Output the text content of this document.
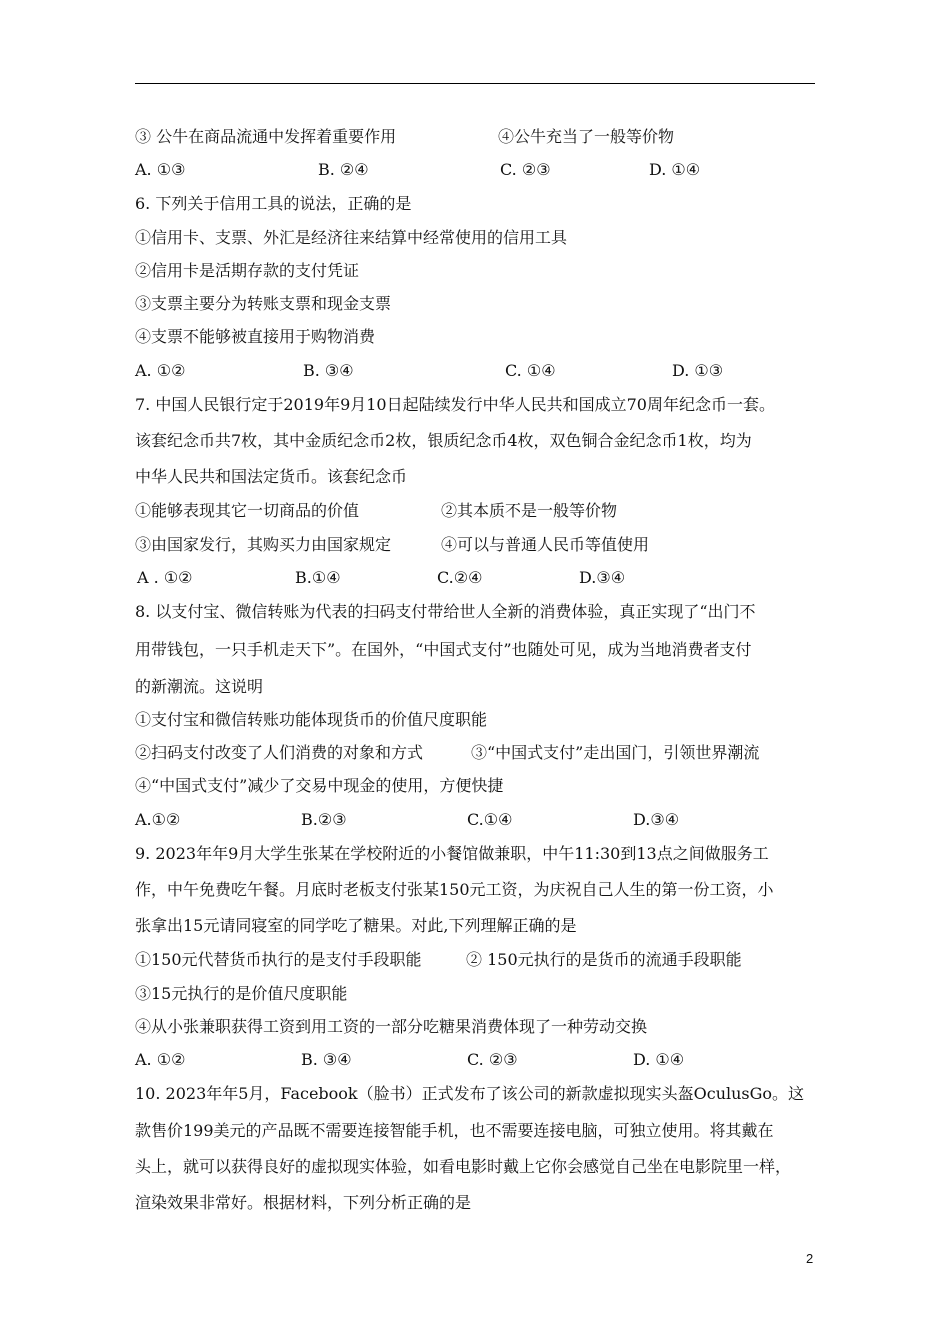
③ 公牛在商品流通中发挥着重要作用	④公牛充当了一般等价物
A. ①③	B. ②④	C. ②③	D. ①④
6. 下列关于信用工具的说法，正确的是
①信用卡、支票、外汇是经济往来结算中经常使用的信用工具
②信用卡是活期存款的支付凭证
③支票主要分为转账支票和现金支票
④支票不能够被直接用于购物消费
A. ①②	B. ③④	C. ①④	D. ①③
7. 中国人民银行定于2019年9月10日起陆续发行中华人民共和国成立70周年纪念币一套。
该套纪念币共7枚，其中金质纪念币2枚，银质纪念币4枚，双色铜合金纪念币1枚，均为
中华人民共和国法定货币。该套纪念币
①能够表现其它一切商品的价值	②其本质不是一般等价物
③由国家发行，其购买力由国家规定	④可以与普通人民币等值使用
A . ①②	B.①④	C.②④	D.③④
8. 以支付宝、微信转账为代表的扫码支付带给世人全新的消费体验，真正实现了“出门不
用带钱包，一只手机走天下”。在国外，“中国式支付”也随处可见，成为当地消费者支付
的新潮流。这说明
①支付宝和微信转账功能体现货币的价值尺度职能
②扫码支付改变了人们消费的对象和方式	③“中国式支付”走出国门，引领世界潮流
④“中国式支付”减少了交易中现金的使用，方便快捷
A.①②	B.②③	C.①④	D.③④
9. 2023年年9月大学生张某在学校附近的小餐馆做兼职，中午11:30到13点之间做服务工
作，中午免费吃午餐。月底时老板支付张某150元工资，为庆祝自己人生的第一份工资，小
张拿出15元请同寝室的同学吃了糖果。对此,下列理解正确的是
①150元代替货币执行的是支付手段职能	② 150元执行的是货币的流通手段职能
③15元执行的是价值尺度职能
④从小张兼职获得工资到用工资的一部分吃糖果消费体现了一种劳动交换
A. ①②	B. ③④	C. ②③	D. ①④
10. 2023年年5月，Facebook（脸书）正式发布了该公司的新款虚拟现实头盔OculusGo。这
款售价199美元的产品既不需要连接智能手机，也不需要连接电脑，可独立使用。将其戴在
头上，就可以获得良好的虚拟现实体验，如看电影时戴上它你会感觉自己坐在电影院里一样，
渲染效果非常好。根据材料，下列分析正确的是
2
